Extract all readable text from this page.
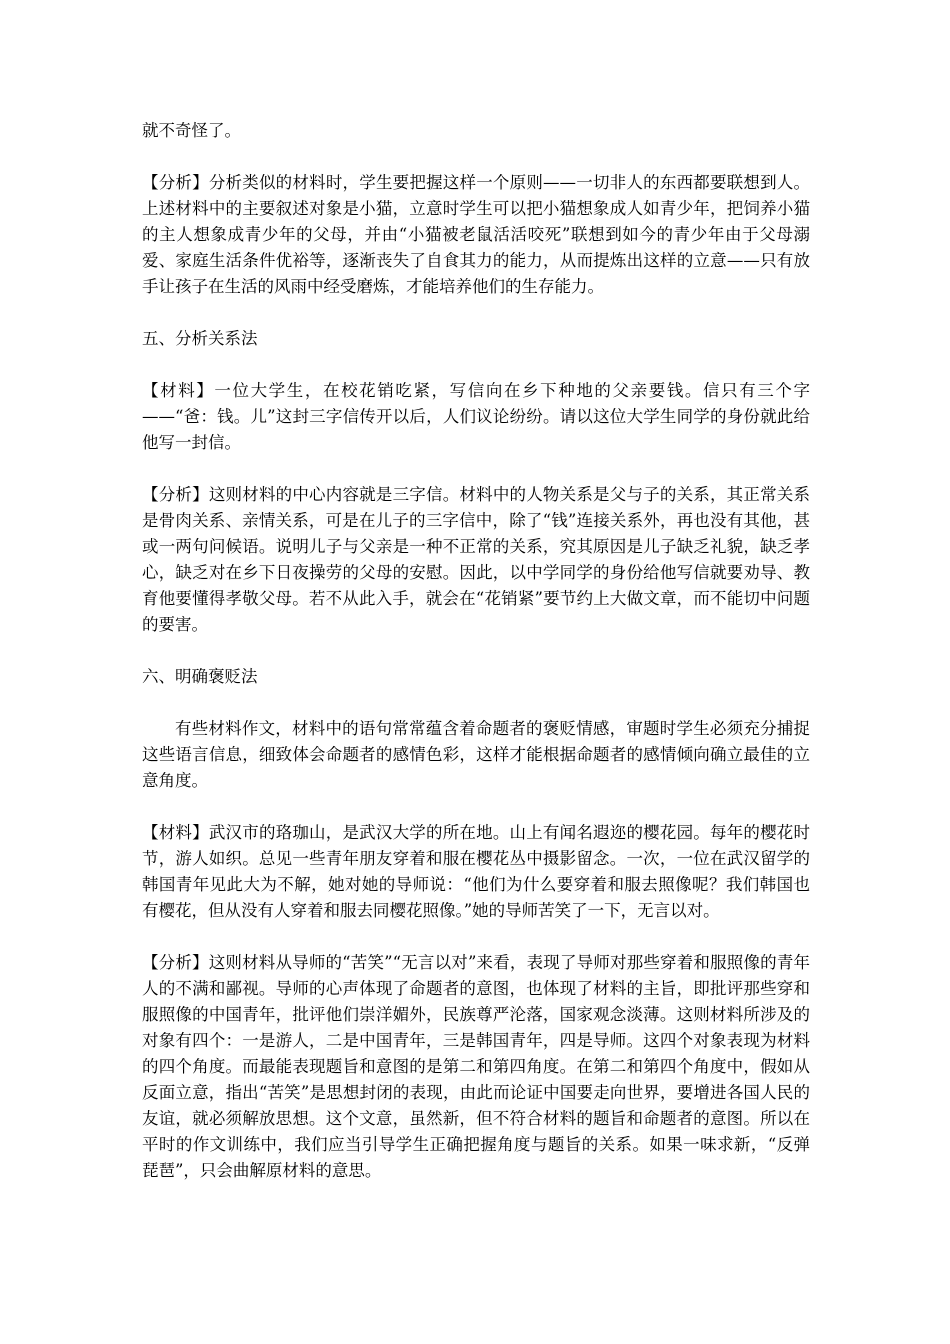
就不奇怪了。

【分析】分析类似的材料时，学生要把握这样一个原则——一切非人的东西都要联想到人。上述材料中的主要叙述对象是小猫，立意时学生可以把小猫想象成人如青少年，把饲养小猫的主人想象成青少年的父母，并由“小猫被老鼠活活咬死”联想到如今的青少年由于父母溺爱、家庭生活条件优裕等，逐渐丧失了自食其力的能力，从而提炼出这样的立意——只有放手让孩子在生活的风雨中经受磨炼，才能培养他们的生存能力。

五、分析关系法

【材料】一位大学生，在校花销吃紧，写信向在乡下种地的父亲要钱。信只有三个字——“爸：钱。儿”这封三字信传开以后，人们议论纷纷。请以这位大学生同学的身份就此给他写一封信。

【分析】这则材料的中心内容就是三字信。材料中的人物关系是父与子的关系，其正常关系是骨肉关系、亲情关系，可是在儿子的三字信中，除了“钱”连接关系外，再也没有其他，甚或一两句问候语。说明儿子与父亲是一种不正常的关系，究其原因是儿子缺乏礼貌，缺乏孝心，缺乏对在乡下日夜操劳的父母的安慰。因此，以中学同学的身份给他写信就要劝导、教育他要懂得孝敬父母。若不从此入手，就会在“花销紧”要节约上大做文章，而不能切中问题的要害。

六、明确褒贬法

有些材料作文，材料中的语句常常蕴含着命题者的褒贬情感，审题时学生必须充分捕捉这些语言信息，细致体会命题者的感情色彩，这样才能根据命题者的感情倾向确立最佳的立意角度。

【材料】武汉市的珞珈山，是武汉大学的所在地。山上有闻名遐迩的樱花园。每年的樱花时节，游人如织。总见一些青年朋友穿着和服在樱花丛中摄影留念。一次，一位在武汉留学的韩国青年见此大为不解，她对她的导师说：“他们为什么要穿着和服去照像呢？我们韩国也有樱花，但从没有人穿着和服去同樱花照像。”她的导师苦笑了一下，无言以对。

【分析】这则材料从导师的“苦笑”“无言以对”来看，表现了导师对那些穿着和服照像的青年人的不满和鄙视。导师的心声体现了命题者的意图，也体现了材料的主旨，即批评那些穿和服照像的中国青年，批评他们崇洋媚外，民族尊严沦落，国家观念淡薄。这则材料所涉及的对象有四个：一是游人，二是中国青年，三是韩国青年，四是导师。这四个对象表现为材料的四个角度。而最能表现题旨和意图的是第二和第四角度。在第二和第四个角度中，假如从反面立意，指出“苦笑”是思想封闭的表现，由此而论证中国要走向世界，要增进各国人民的友谊，就必须解放思想。这个文意，虽然新，但不符合材料的题旨和命题者的意图。所以在平时的作文训练中，我们应当引导学生正确把握角度与题旨的关系。如果一味求新，“反弹琵琶”，只会曲解原材料的意思。
